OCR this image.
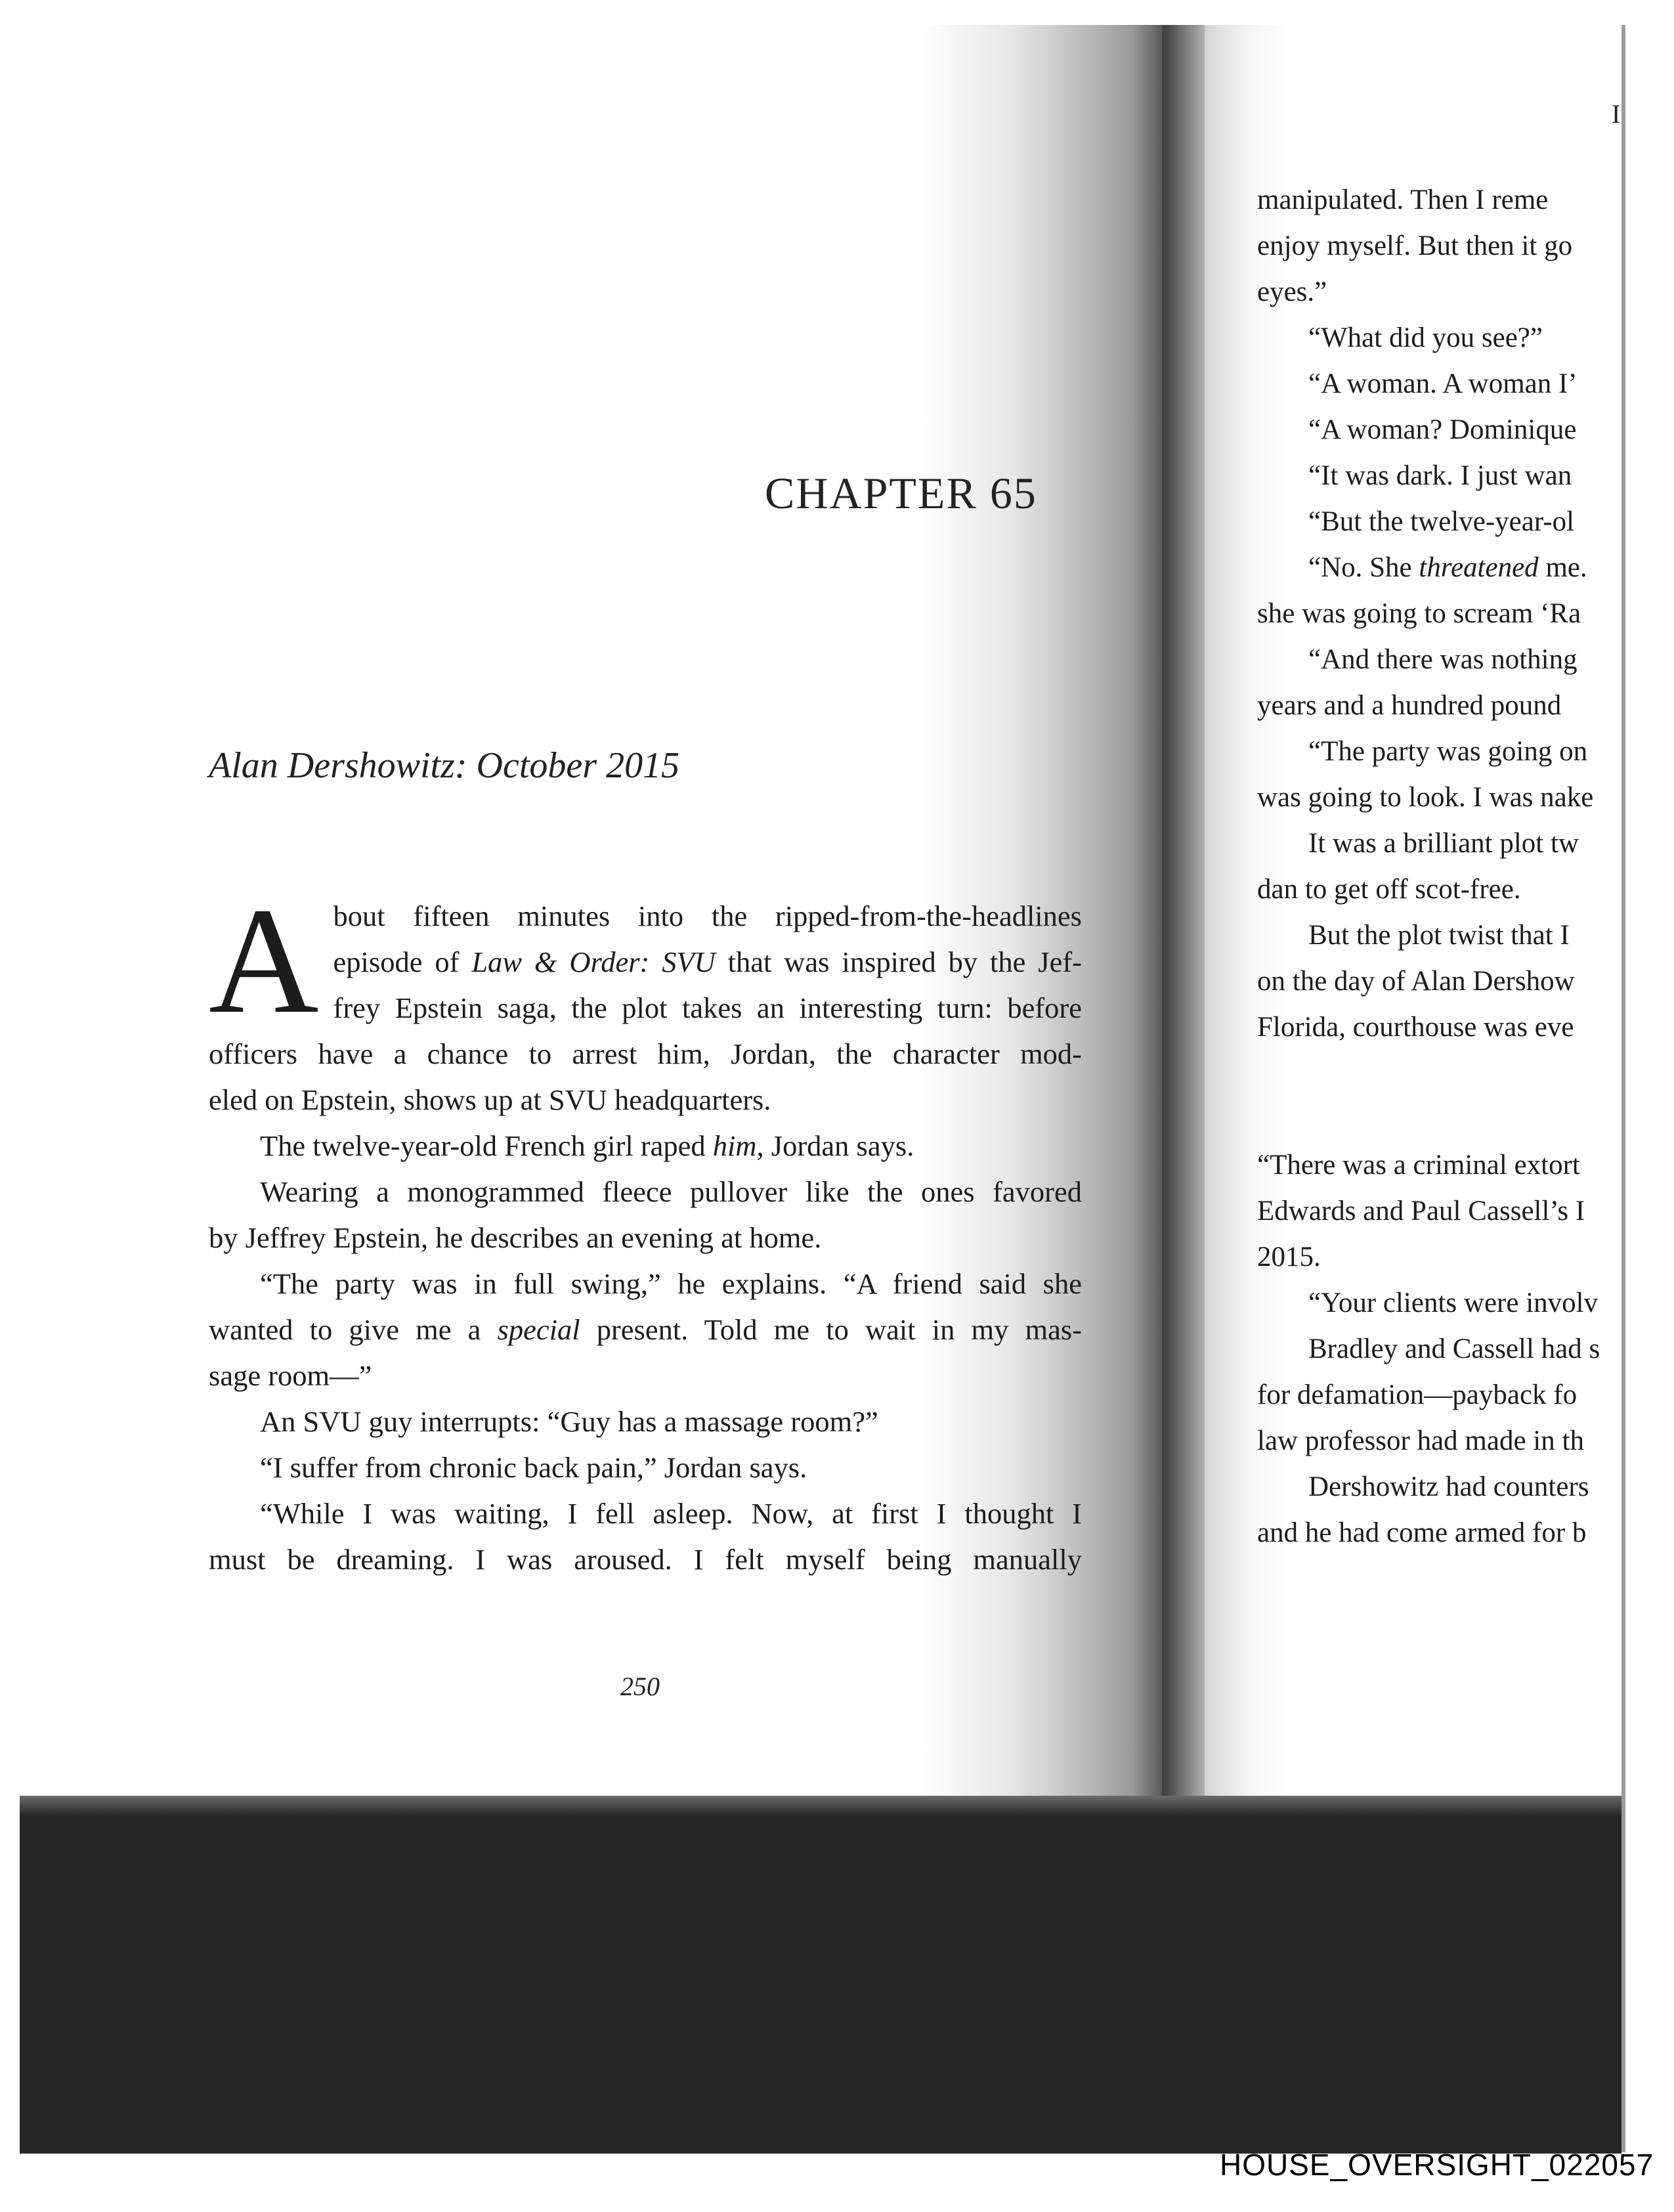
CHAPTER 65
Alan Dershowitz: October 2015

A bout fifteen minutes into the ripped-from-the-headlines
episode of Law & Order: SVU that was inspired by the Jef-
frey Epstein saga, the plot takes an interesting turn: before
officers have a chance to arrest him, Jordan, the character mod-
eled on Epstein, shows up at SVU headquarters.

The twelve-year-old French girl raped him, Jordan says.

Wearing a monogrammed fleece pullover like the ones favored
by Jeffrey Epstein, he describes an evening at home.

“The party was in full swing,” he explains. “A friend said she
wanted to give me a special present. Told me to wait in my mas-
sage room—”

An SVU guy interrupts: “Guy has a massage room?”

“I suffer from chronic back pain,” Jordan says.

“While I was waiting, I fell asleep. Now, at first I thought I
must be dreaming. I was aroused. I felt myself being manually

250
I
manipulated. Then I reme
enjoy myself. But then it go
eyes.”
“What did you see?”
“A woman. A woman I’
“A woman? Dominique
“It was dark. I just wan
“But the twelve-year-ol
“No. She threatened me.
she was going to scream ‘Ra
“And there was nothing
years and a hundred pound
“The party was going on
was going to look. I was nake
It was a brilliant plot tw
dan to get off scot-free.
But the plot twist that I
on the day of Alan Dershow
Florida, courthouse was eve
“There was a criminal extort
Edwards and Paul Cassell’s I
2015.
“Your clients were involv
Bradley and Cassell had s
for defamation—payback fo
law professor had made in th
Dershowitz had counters
and he had come armed for b
HOUSE_OVERSIGHT_022057
